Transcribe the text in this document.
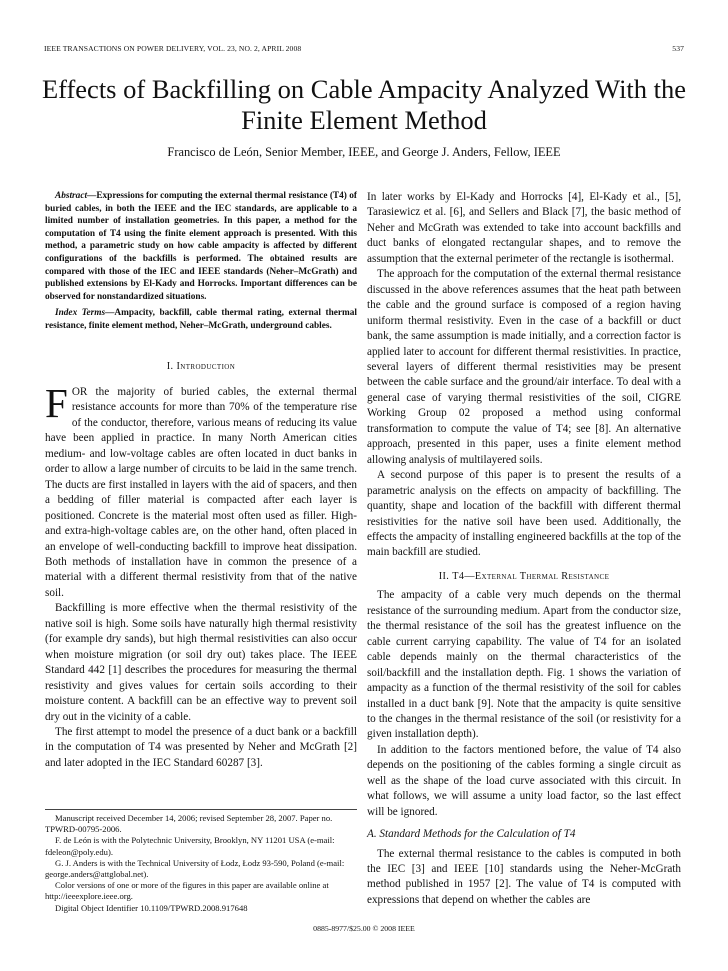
IEEE TRANSACTIONS ON POWER DELIVERY, VOL. 23, NO. 2, APRIL 2008	537
Effects of Backfilling on Cable Ampacity Analyzed With the Finite Element Method
Francisco de León, Senior Member, IEEE, and George J. Anders, Fellow, IEEE

Abstract—Expressions for computing the external thermal resistance (T4) of buried cables, in both the IEEE and the IEC standards, are applicable to a limited number of installation geometries. In this paper, a method for the computation of T4 using the finite element approach is presented. With this method, a parametric study on how cable ampacity is affected by different configurations of the backfills is performed. The obtained results are compared with those of the IEC and IEEE standards (Neher–McGrath) and published extensions by El-Kady and Horrocks. Important differences can be observed for nonstandardized situations.

Index Terms—Ampacity, backfill, cable thermal rating, external thermal resistance, finite element method, Neher–McGrath, underground cables.

I. Introduction

FOR the majority of buried cables, the external thermal resistance accounts for more than 70% of the temperature rise of the conductor, therefore, various means of reducing its value have been applied in practice. In many North American cities medium- and low-voltage cables are often located in duct banks in order to allow a large number of circuits to be laid in the same trench. The ducts are first installed in layers with the aid of spacers, and then a bedding of filler material is compacted after each layer is positioned. Concrete is the material most often used as filler. High- and extra-high-voltage cables are, on the other hand, often placed in an envelope of well-conducting backfill to improve heat dissipation. Both methods of installation have in common the presence of a material with a different thermal resistivity from that of the native soil.

Backfilling is more effective when the thermal resistivity of the native soil is high. Some soils have naturally high thermal resistivity (for example dry sands), but high thermal resistivities can also occur when moisture migration (or soil dry out) takes place. The IEEE Standard 442 [1] describes the procedures for measuring the thermal resistivity and gives values for certain soils according to their moisture content. A backfill can be an effective way to prevent soil dry out in the vicinity of a cable.

The first attempt to model the presence of a duct bank or a backfill in the computation of T4 was presented by Neher and McGrath [2] and later adopted in the IEC Standard 60287 [3].

Manuscript received December 14, 2006; revised September 28, 2007. Paper no. TPWRD-00795-2006.

F. de León is with the Polytechnic University, Brooklyn, NY 11201 USA (e-mail: fdeleon@poly.edu).

G. J. Anders is with the Technical University of Łodz, Łodz 93-590, Poland (e-mail: george.anders@attglobal.net).

Color versions of one or more of the figures in this paper are available online at http://ieeexplore.ieee.org.

Digital Object Identifier 10.1109/TPWRD.2008.917648

In later works by El-Kady and Horrocks [4], El-Kady et al., [5], Tarasiewicz et al. [6], and Sellers and Black [7], the basic method of Neher and McGrath was extended to take into account backfills and duct banks of elongated rectangular shapes, and to remove the assumption that the external perimeter of the rectangle is isothermal.

The approach for the computation of the external thermal resistance discussed in the above references assumes that the heat path between the cable and the ground surface is composed of a region having uniform thermal resistivity. Even in the case of a backfill or duct bank, the same assumption is made initially, and a correction factor is applied later to account for different thermal resistivities. In practice, several layers of different thermal resistivities may be present between the cable surface and the ground/air interface. To deal with a general case of varying thermal resistivities of the soil, CIGRE Working Group 02 proposed a method using conformal transformation to compute the value of T4; see [8]. An alternative approach, presented in this paper, uses a finite element method allowing analysis of multilayered soils.

A second purpose of this paper is to present the results of a parametric analysis on the effects on ampacity of backfilling. The quantity, shape and location of the backfill with different thermal resistivities for the native soil have been used. Additionally, the effects the ampacity of installing engineered backfills at the top of the main backfill are studied.

II. T4—External Thermal Resistance

The ampacity of a cable very much depends on the thermal resistance of the surrounding medium. Apart from the conductor size, the thermal resistance of the soil has the greatest influence on the cable current carrying capability. The value of T4 for an isolated cable depends mainly on the thermal characteristics of the soil/backfill and the installation depth. Fig. 1 shows the variation of ampacity as a function of the thermal resistivity of the soil for cables installed in a duct bank [9]. Note that the ampacity is quite sensitive to the changes in the thermal resistance of the soil (or resistivity for a given installation depth).

In addition to the factors mentioned before, the value of T4 also depends on the positioning of the cables forming a single circuit as well as the shape of the load curve associated with this circuit. In what follows, we will assume a unity load factor, so the last effect will be ignored.

A. Standard Methods for the Calculation of T4

The external thermal resistance to the cables is computed in both the IEC [3] and IEEE [10] standards using the Neher-McGrath method published in 1957 [2]. The value of T4 is computed with expressions that depend on whether the cables are

0885-8977/$25.00 © 2008 IEEE
